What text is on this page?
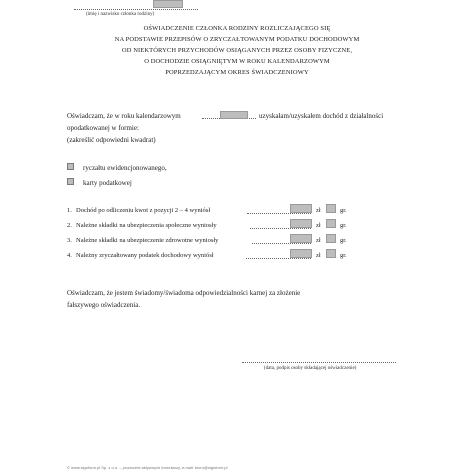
(imię i nazwisko członka rodziny)
OŚWIADCZENIE CZŁONKA RODZINY ROZLICZAJĄCEGO SIĘ
NA PODSTAWIE PRZEPISÓW O ZRYCZAŁTOWANYM PODATKU DOCHODOWYM
OD NIEKTÓRYCH PRZYCHODÓW OSIĄGANYCH PRZEZ OSOBY FIZYCZNE,
O DOCHODZIE OSIĄGNIĘTYM W ROKU KALENDARZOWYM
POPRZEDZAJĄCYM OKRES ŚWIADCZENIOWY
Oświadczam, że w roku kalendarzowym	uzyskałam/uzyskałem dochód z działalności
opodatkowanej w formie:
(zakreślić odpowiedni kwadrat)
ryczałtu ewidencjonowanego,
karty podatkowej
1. Dochód po odliczeniu kwot z pozycji 2 – 4 wyniósł	zł	gr.
2. Należne składki na ubezpieczenia społeczne wyniosły	zł	gr.
3. Należne składki na ubezpieczenie zdrowotne wyniosły	zł	gr.
4. Należny zryczałtowany podatek dochodowy wyniósł	zł	gr.
Oświadczam, że jestem świadomy/świadoma odpowiedzialności karnej za złożenie
fałszywego oświadczenia.
(data, podpis osoby składającej oświadczenie)
© www.signform.pl Sp. z o.o. – producent aktywnych formularzy, e-mail: biuro@signform.pl
